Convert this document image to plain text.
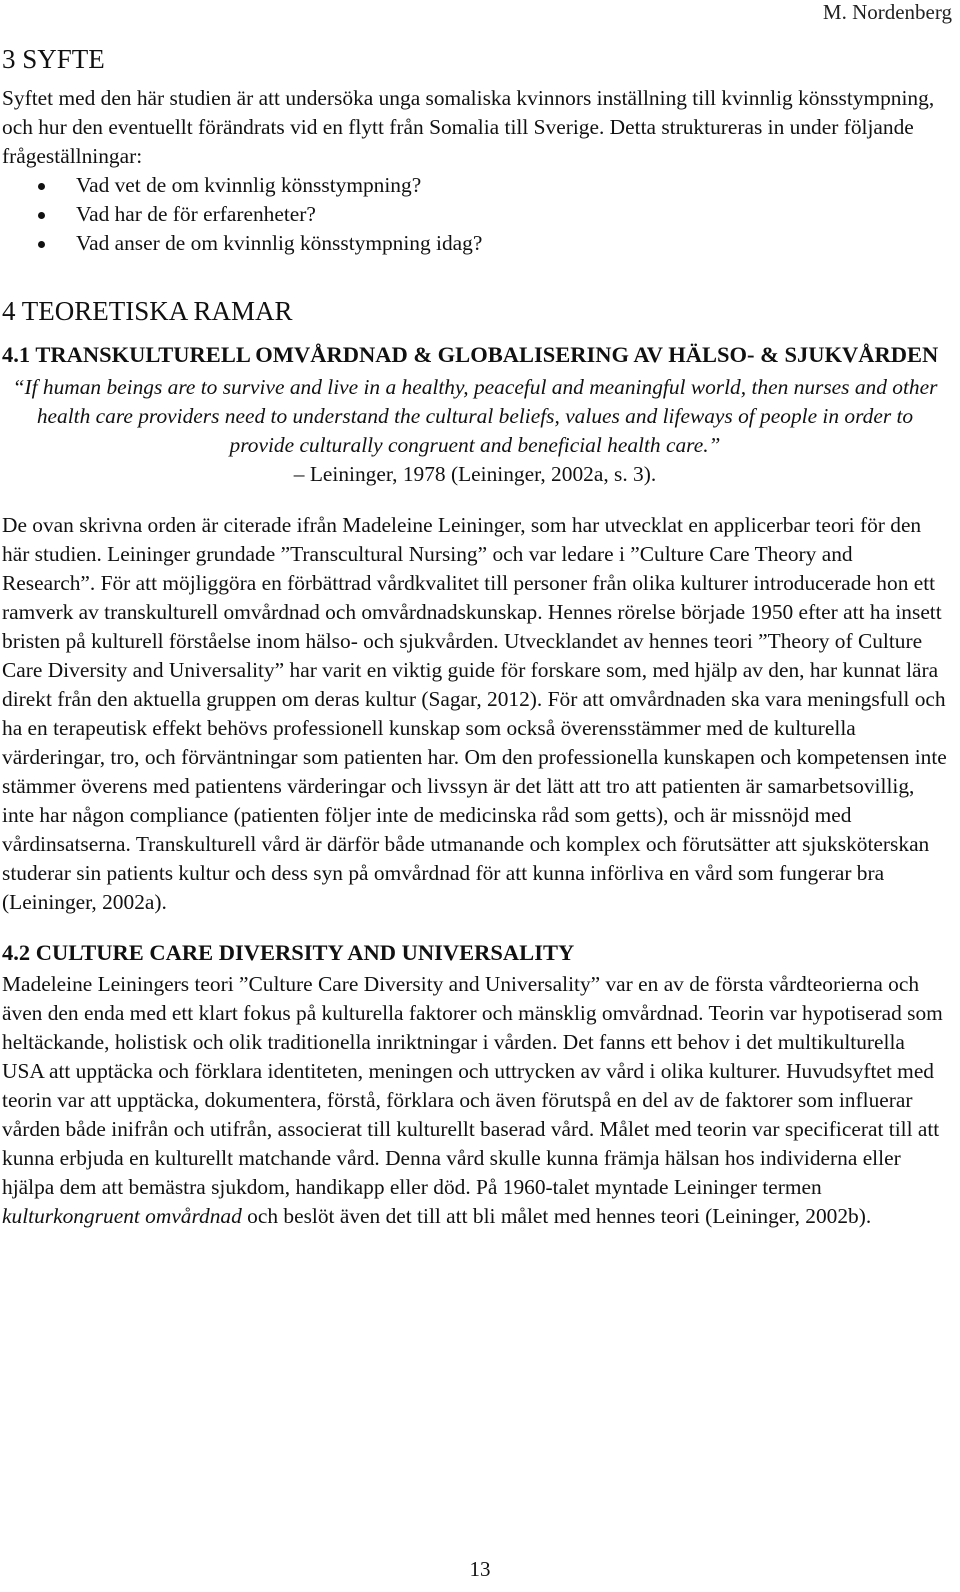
M. Nordenberg
3 SYFTE

Syftet med den här studien är att undersöka unga somaliska kvinnors inställning till kvinnlig könsstympning, och hur den eventuellt förändrats vid en flytt från Somalia till Sverige. Detta struktureras in under följande frågeställningar:

Vad vet de om kvinnlig könsstympning?
Vad har de för erfarenheter?
Vad anser de om kvinnlig könsstympning idag?
4 TEORETISKA RAMAR
4.1 TRANSKULTURELL OMVÅRDNAD & GLOBALISERING AV HÄLSO- & SJUKVÅRDEN
“If human beings are to survive and live in a healthy, peaceful and meaningful world, then nurses and other health care providers need to understand the cultural beliefs, values and lifeways of people in order to provide culturally congruent and beneficial health care.”
– Leininger, 1978 (Leininger, 2002a, s. 3).

De ovan skrivna orden är citerade ifrån Madeleine Leininger, som har utvecklat en applicerbar teori för den här studien. Leininger grundade ”Transcultural Nursing” och var ledare i ”Culture Care Theory and Research”. För att möjliggöra en förbättrad vårdkvalitet till personer från olika kulturer introducerade hon ett ramverk av transkulturell omvårdnad och omvårdnadskunskap. Hennes rörelse började 1950 efter att ha insett bristen på kulturell förståelse inom hälso- och sjukvården. Utvecklandet av hennes teori ”Theory of Culture Care Diversity and Universality” har varit en viktig guide för forskare som, med hjälp av den, har kunnat lära direkt från den aktuella gruppen om deras kultur (Sagar, 2012). För att omvårdnaden ska vara meningsfull och ha en terapeutisk effekt behövs professionell kunskap som också överensstämmer med de kulturella värderingar, tro, och förväntningar som patienten har. Om den professionella kunskapen och kompetensen inte stämmer överens med patientens värderingar och livssyn är det lätt att tro att patienten är samarbetsovillig, inte har någon compliance (patienten följer inte de medicinska råd som getts), och är missnöjd med vårdinsatserna. Transkulturell vård är därför både utmanande och komplex och förutsätter att sjuksköterskan studerar sin patients kultur och dess syn på omvårdnad för att kunna införliva en vård som fungerar bra (Leininger, 2002a).

4.2 CULTURE CARE DIVERSITY AND UNIVERSALITY

Madeleine Leiningers teori ”Culture Care Diversity and Universality” var en av de första vårdteorierna och även den enda med ett klart fokus på kulturella faktorer och mänsklig omvårdnad. Teorin var hypotiserad som heltäckande, holistisk och olik traditionella inriktningar i vården. Det fanns ett behov i det multikulturella USA att upptäcka och förklara identiteten, meningen och uttrycken av vård i olika kulturer. Huvudsyftet med teorin var att upptäcka, dokumentera, förstå, förklara och även förutspå en del av de faktorer som influerar vården både inifrån och utifrån, associerat till kulturellt baserad vård. Målet med teorin var specificerat till att kunna erbjuda en kulturellt matchande vård. Denna vård skulle kunna främja hälsan hos individerna eller hjälpa dem att bemästra sjukdom, handikapp eller död. På 1960-talet myntade Leininger termen kulturkongruent omvårdnad och beslöt även det till att bli målet med hennes teori (Leininger, 2002b).

13
